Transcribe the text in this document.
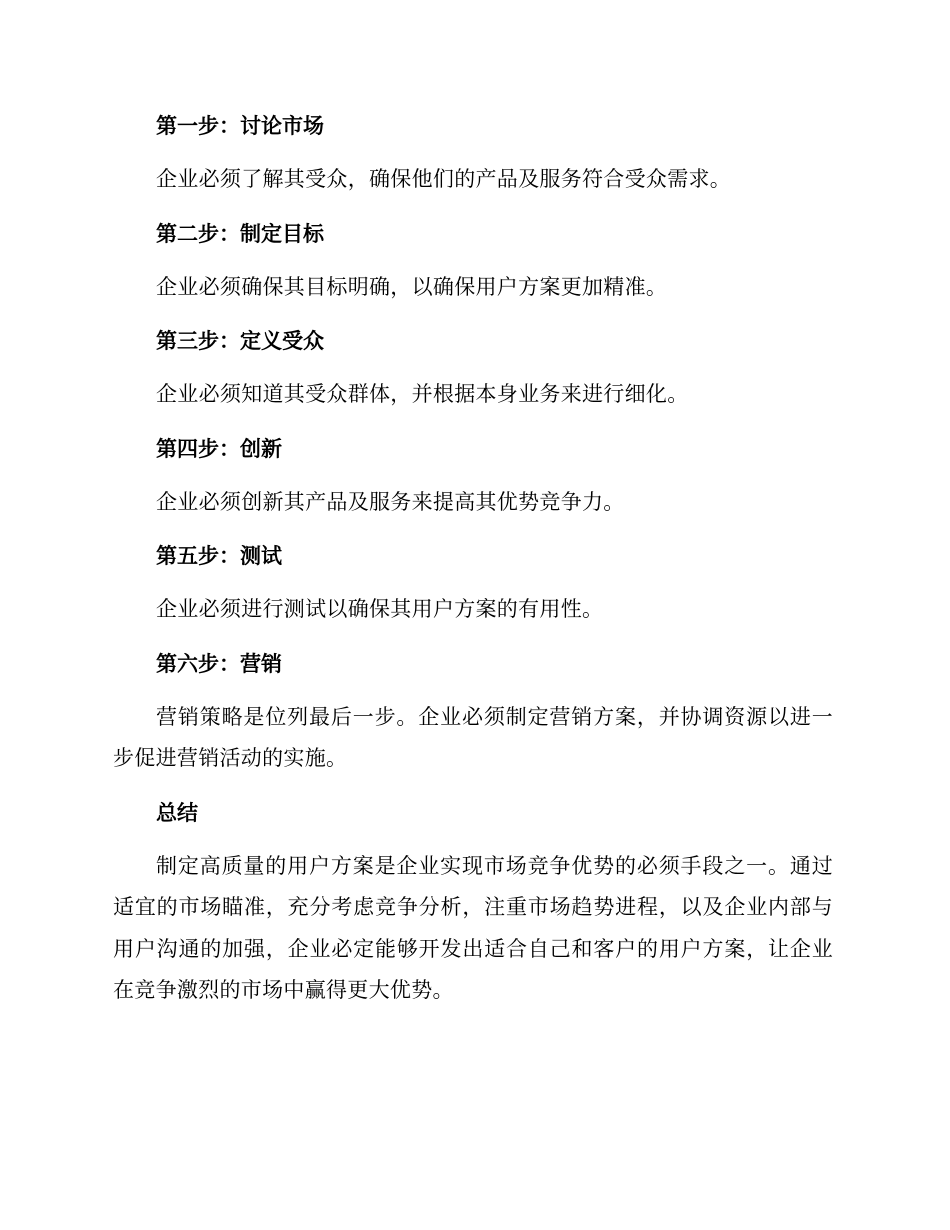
第一步：讨论市场
企业必须了解其受众，确保他们的产品及服务符合受众需求。
第二步：制定目标
企业必须确保其目标明确，以确保用户方案更加精准。
第三步：定义受众
企业必须知道其受众群体，并根据本身业务来进行细化。
第四步：创新
企业必须创新其产品及服务来提高其优势竞争力。
第五步：测试
企业必须进行测试以确保其用户方案的有用性。
第六步：营销
营销策略是位列最后一步。企业必须制定营销方案，并协调资源以进一步促进营销活动的实施。
总结
制定高质量的用户方案是企业实现市场竞争优势的必须手段之一。通过适宜的市场瞄准，充分考虑竞争分析，注重市场趋势进程，以及企业内部与用户沟通的加强，企业必定能够开发出适合自己和客户的用户方案，让企业在竞争激烈的市场中赢得更大优势。
